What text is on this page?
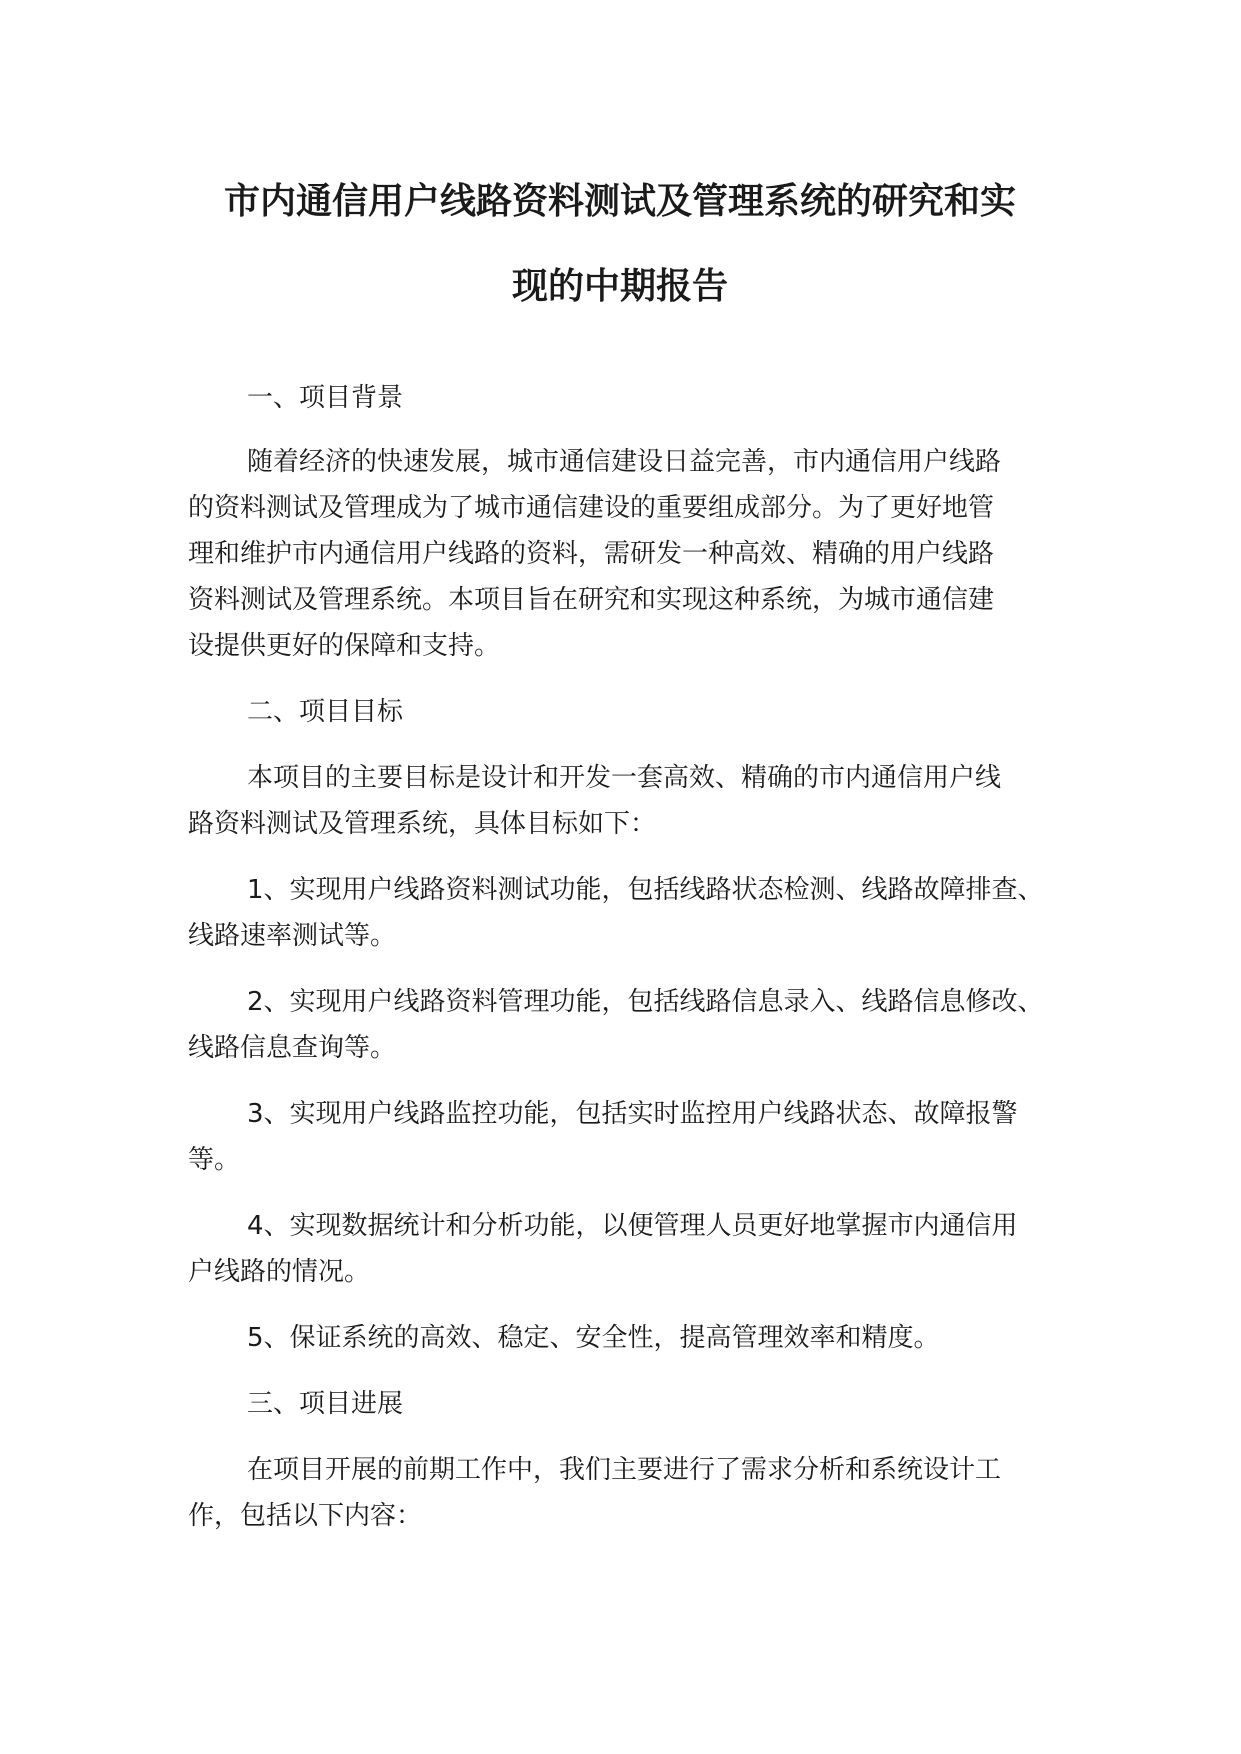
市内通信用户线路资料测试及管理系统的研究和实
现的中期报告

一、项目背景

随着经济的快速发展，城市通信建设日益完善，市内通信用户线路

的资料测试及管理成为了城市通信建设的重要组成部分。为了更好地管

理和维护市内通信用户线路的资料，需研发一种高效、精确的用户线路

资料测试及管理系统。本项目旨在研究和实现这种系统，为城市通信建

设提供更好的保障和支持。

二、项目目标

本项目的主要目标是设计和开发一套高效、精确的市内通信用户线

路资料测试及管理系统，具体目标如下：

1、实现用户线路资料测试功能，包括线路状态检测、线路故障排查、

线路速率测试等。

2、实现用户线路资料管理功能，包括线路信息录入、线路信息修改、

线路信息查询等。

3、实现用户线路监控功能，包括实时监控用户线路状态、故障报警

等。

4、实现数据统计和分析功能，以便管理人员更好地掌握市内通信用

户线路的情况。

5、保证系统的高效、稳定、安全性，提高管理效率和精度。

三、项目进展

在项目开展的前期工作中，我们主要进行了需求分析和系统设计工

作，包括以下内容：
